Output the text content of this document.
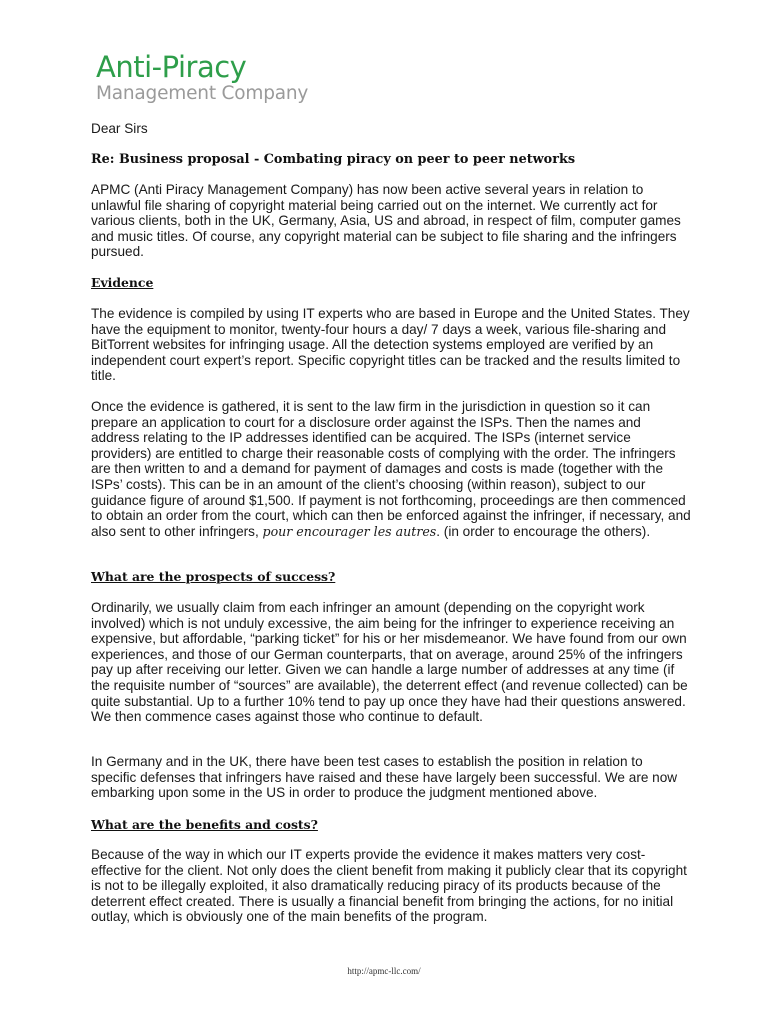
Anti-Piracy
Management Company

Dear Sirs

Re: Business proposal - Combating piracy on peer to peer networks

APMC (Anti Piracy Management Company) has now been active several years in relation to unlawful file sharing of copyright material being carried out on the internet. We currently act for various clients, both in the UK, Germany, Asia, US and abroad, in respect of film, computer games and music titles. Of course, any copyright material can be subject to file sharing and the infringers pursued.

Evidence

The evidence is compiled by using IT experts who are based in Europe and the United States. They have the equipment to monitor, twenty-four hours a day/ 7 days a week, various file-sharing and BitTorrent websites for infringing usage. All the detection systems employed are verified by an independent court expert’s report. Specific copyright titles can be tracked and the results limited to title.

Once the evidence is gathered, it is sent to the law firm in the jurisdiction in question so it can prepare an application to court for a disclosure order against the ISPs. Then the names and address relating to the IP addresses identified can be acquired. The ISPs (internet service providers) are entitled to charge their reasonable costs of complying with the order. The infringers are then written to and a demand for payment of damages and costs is made (together with the ISPs’ costs). This can be in an amount of the client’s choosing (within reason), subject to our guidance figure of around $1,500. If payment is not forthcoming, proceedings are then commenced to obtain an order from the court, which can then be enforced against the infringer, if necessary, and also sent to other infringers, pour encourager les autres. (in order to encourage the others).

What are the prospects of success?

Ordinarily, we usually claim from each infringer an amount (depending on the copyright work involved) which is not unduly excessive, the aim being for the infringer to experience receiving an expensive, but affordable, “parking ticket” for his or her misdemeanor. We have found from our own experiences, and those of our German counterparts, that on average, around 25% of the infringers pay up after receiving our letter. Given we can handle a large number of addresses at any time (if the requisite number of “sources” are available), the deterrent effect (and revenue collected) can be quite substantial. Up to a further 10% tend to pay up once they have had their questions answered. We then commence cases against those who continue to default.

In Germany and in the UK, there have been test cases to establish the position in relation to specific defenses that infringers have raised and these have largely been successful. We are now embarking upon some in the US in order to produce the judgment mentioned above.

What are the benefits and costs?

Because of the way in which our IT experts provide the evidence it makes matters very cost-effective for the client. Not only does the client benefit from making it publicly clear that its copyright is not to be illegally exploited, it also dramatically reducing piracy of its products because of the deterrent effect created. There is usually a financial benefit from bringing the actions, for no initial outlay, which is obviously one of the main benefits of the program.

http://apmc-llc.com/
